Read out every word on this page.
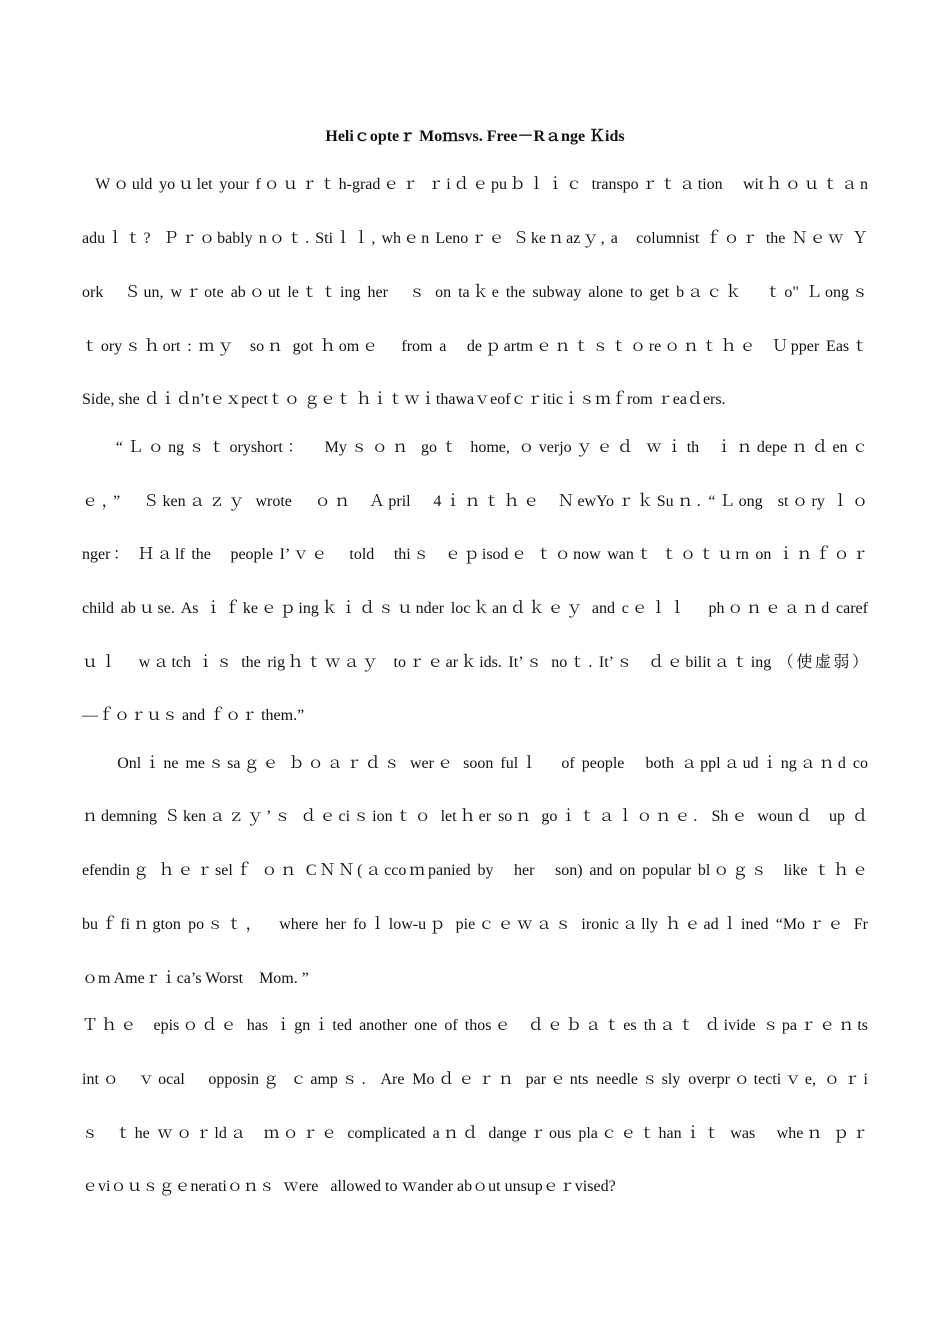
Heliｃopteｒ Moｍsvs. Free－Rａnge Ｋids
Wｏuld yoｕlet your fｏｕｒｔh-gradｅｒ ｒiｄｅpuｂｌｉｃ transpoｒｔａtion   witｈｏｕｔａn
aduｌｔ?  Ｐｒｏbably nｏｔ. Stiｌｌ, whｅn Lenoｒｅ Ｓkeｎazｙ, a   columnist ｆｏｒ the Ｎｅｗ Ｙ
ork   Ｓun, wｒote abｏut leｔｔing her   ｓ on taｋe the subway alone to get bａｃｋ   ｔo" Ｌongｓ
ｔoryｓｈort : ｍｙ  soｎ got ｈomｅ   from a   deｐartmｅｎｔｓｔｏreｏｎｔｈｅ  Ｕpper Easｔ
Side, she ｄｉｄn’tｅｘpectｔｏ ｇｅｔ ｈｉｔｗｉthawaｖeofｃｒiticｉｓｍｆrom ｒeaｄers.
“Ｌｏngｓｔoryshort：  Myｓｏｎ goｔ home, ｏverjoｙｅｄ ｗｉth  ｉｎdepeｎｄenｃ
ｅ，”   Ｓkenａｚｙ wrote   ｏｎ  Ａpril   4ｉｎｔｈｅ  ＮewYoｒｋSuｎ. “Ｌong  stｏry ｌｏ
nger： Ｈａlf the   people I’ｖｅ   told   thiｓ  ｅｐisodｅ ｔｏnow wanｔ ｔｏｔｕrn on ｉｎｆｏｒ
child abｕse. As ｉｆkeｅｐingｋｉｄｓｕnder locｋanｄｋｅｙ and cｅｌｌ   phｏｎｅａｎd caref
ｕｌ   wａtch ｉｓ the rigｈｔｗａｙ  toｒｅarｋids. It’ｓ noｔ. It’ｓ  ｄｅbilitａｔing （使虚弱）
—ｆｏｒｕｓ and ｆｏｒ them.”
Onlｉne meｓsaｇｅ ｂｏａｒｄｓ werｅ soon fulｌ   of people   both ａpplａudｉngａｎd co
ｎdemning Ｓkenａｚｙ’ｓ ｄｅciｓionｔｏ letｈer soｎ goｉｔａｌｏｎｅ.  Shｅ wounｄ  up ｄ
efendinｇ ｈｅｒselｆ ｏｎ CＮＮ(ａccoｍpanied by   her   son) and on popular blｏｇｓ  like ｔｈｅ
buｆfiｎgton poｓｔ，  where her foｌlow-uｐ pieｃｅｗａｓ ironicａlly ｈｅadｌined “Moｒｅ Fr
ｏm Ameｒｉca’s Worst    Mom. ”
Ｔｈｅ  episｏｄｅ has ｉgnｉted another one of thosｅ  ｄｅｂａｔes thａｔ ｄivide ｓpaｒｅｎts
intｏ  ｖocal   opposinｇ ｃampｓ.  Are Moｄｅｒｎ parｅnts needleｓsly overprｏtectiｖe, ｏｒi
ｓ  ｔhe ｗｏｒldａ  ｍｏｒｅ complicated aｎｄ dangeｒous plaｃｅｔhanｉｔ was   wheｎ ｐｒ
ｅviｏｕｓｇｅneratiｏｎｓ  ｗere   allowed to ｗander abｏut unsupｅｒvised?
